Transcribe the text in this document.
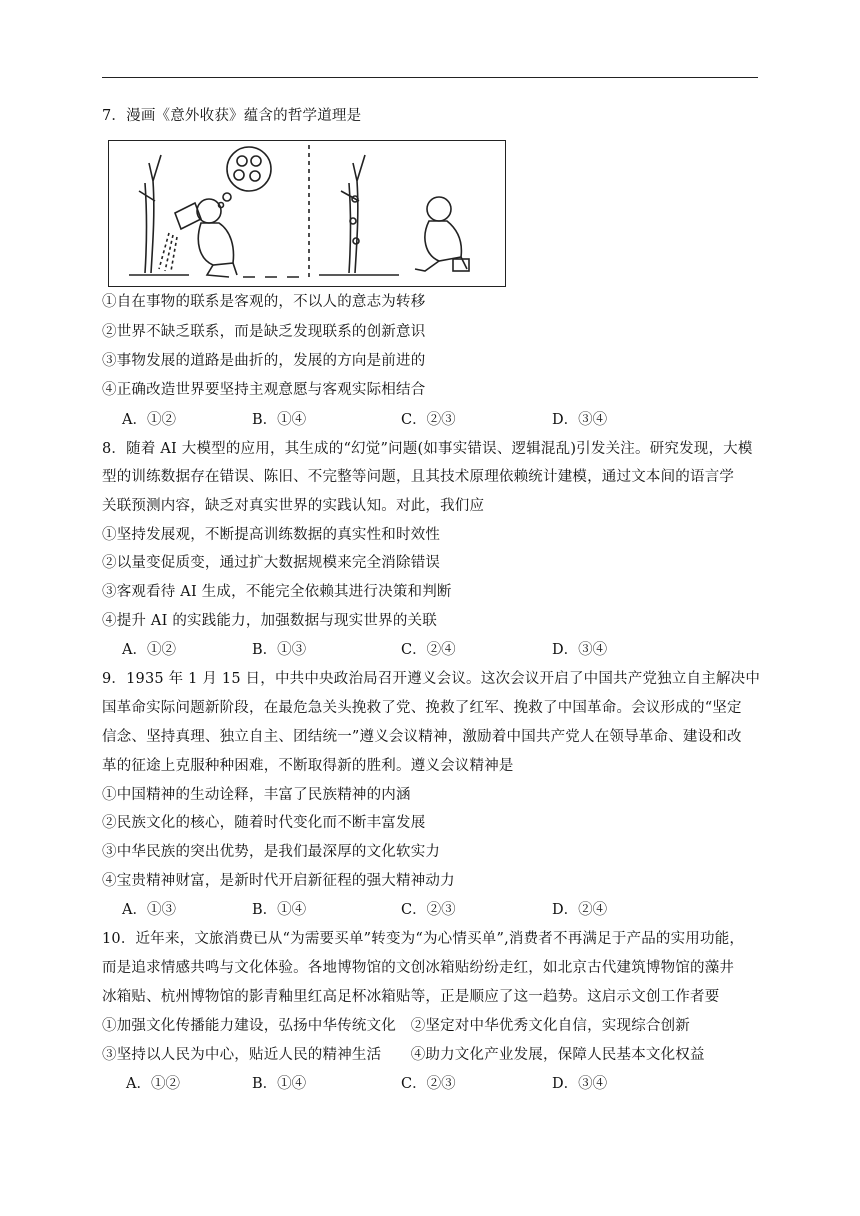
7．漫画《意外收获》蕴含的哲学道理是
①自在事物的联系是客观的，不以人的意志为转移
②世界不缺乏联系，而是缺乏发现联系的创新意识
③事物发展的道路是曲折的，发展的方向是前进的
④正确改造世界要坚持主观意愿与客观实际相结合
A．①②	B．①④	C．②③	D．③④
8．随着 AI 大模型的应用，其生成的“幻觉”问题(如事实错误、逻辑混乱)引发关注。研究发现，大模
型的训练数据存在错误、陈旧、不完整等问题，且其技术原理依赖统计建模，通过文本间的语言学
关联预测内容，缺乏对真实世界的实践认知。对此，我们应
①坚持发展观，不断提高训练数据的真实性和时效性
②以量变促质变，通过扩大数据规模来完全消除错误
③客观看待 AI 生成，不能完全依赖其进行决策和判断
④提升 AI 的实践能力，加强数据与现实世界的关联
A．①②	B．①③	C．②④	D．③④
9．1935 年 1 月 15 日，中共中央政治局召开遵义会议。这次会议开启了中国共产党独立自主解决中
国革命实际问题新阶段，在最危急关头挽救了党、挽救了红军、挽救了中国革命。会议形成的“坚定
信念、坚持真理、独立自主、团结统一”遵义会议精神，激励着中国共产党人在领导革命、建设和改
革的征途上克服种种困难，不断取得新的胜利。遵义会议精神是
①中国精神的生动诠释，丰富了民族精神的内涵
②民族文化的核心，随着时代变化而不断丰富发展
③中华民族的突出优势，是我们最深厚的文化软实力
④宝贵精神财富，是新时代开启新征程的强大精神动力
A．①③	B．①④	C．②③	D．②④
10．近年来，文旅消费已从“为需要买单”转变为“为心情买单”,消费者不再满足于产品的实用功能，
而是追求情感共鸣与文化体验。各地博物馆的文创冰箱贴纷纷走红，如北京古代建筑博物馆的藻井
冰箱贴、杭州博物馆的影青釉里红高足杯冰箱贴等，正是顺应了这一趋势。这启示文创工作者要
①加强文化传播能力建设，弘扬中华传统文化　②坚定对中华优秀文化自信，实现综合创新
③坚持以人民为中心，贴近人民的精神生活　　④助力文化产业发展，保障人民基本文化权益
A．①②	B．①④	C．②③	D．③④
